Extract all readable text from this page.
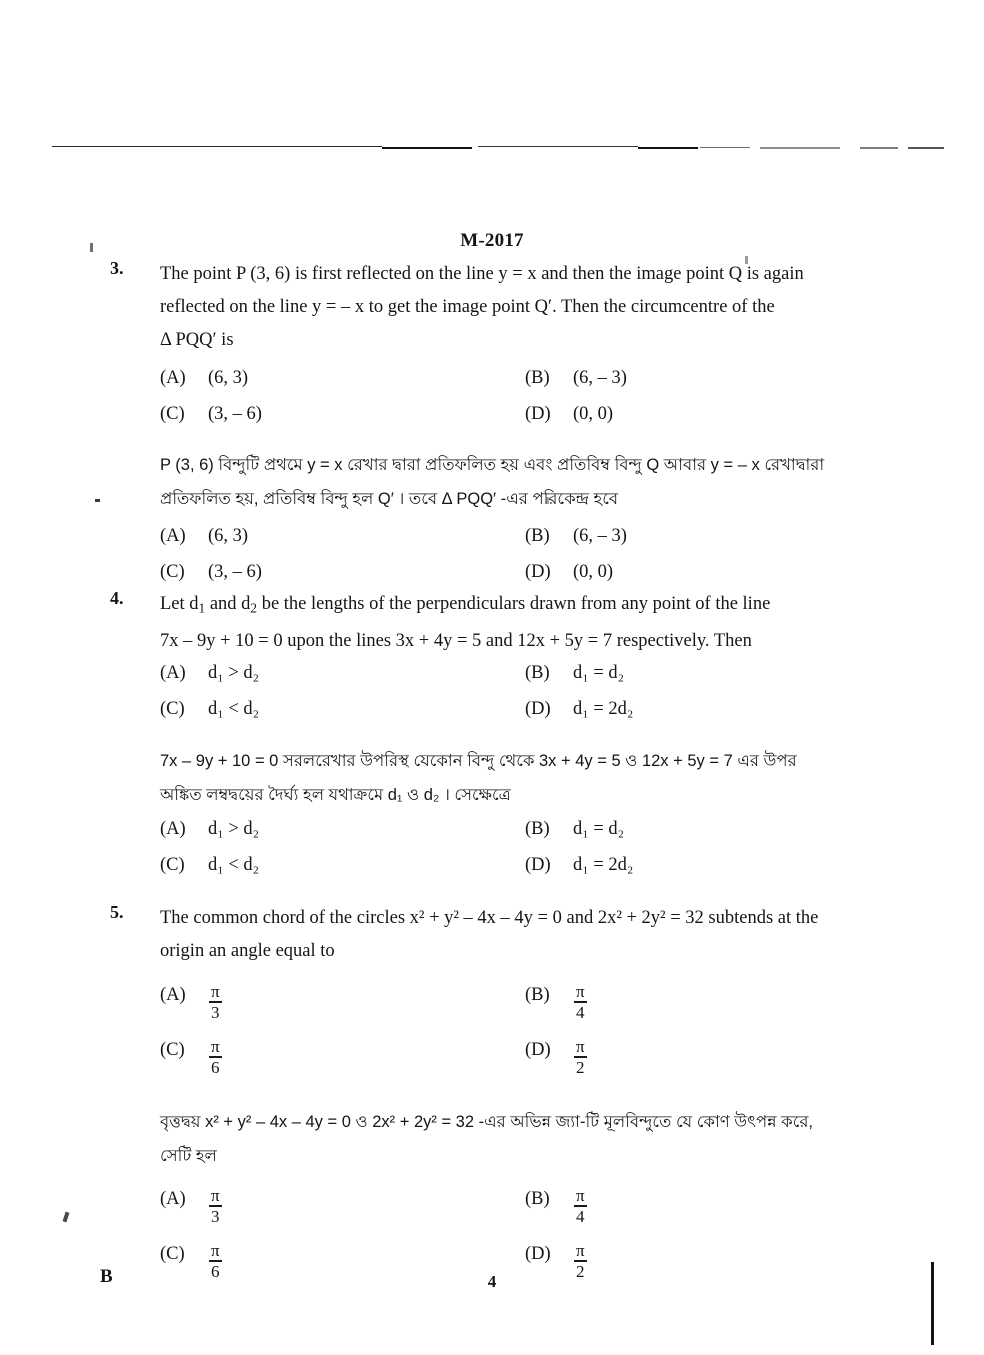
M-2017
3. The point P (3, 6) is first reflected on the line y = x and then the image point Q is again
reflected on the line y = – x to get the image point Q′. Then the circumcentre of the
Δ PQQ′ is
(A)	(6, 3)	(B)	(6, – 3)
(C)	(3, – 6)	(D)	(0, 0)
P (3, 6) বিন্দুটি প্রথমে y = x রেখার দ্বারা প্রতিফলিত হয় এবং প্রতিবিম্ব বিন্দু Q আবার y = – x রেখাদ্বারা
প্রতিফলিত হয়, প্রতিবিম্ব বিন্দু হল Q′ । তবে Δ PQQ′ -এর পরিকেন্দ্র হবে
(A)	(6, 3)	(B)	(6, – 3)
(C)	(3, – 6)	(D)	(0, 0)
4. Let $d_1$ and $d_2$ be the lengths of the perpendiculars drawn from any point of the line
7x – 9y + 10 = 0 upon the lines 3x + 4y = 5 and 12x + 5y = 7 respectively. Then
(A)	d₁ > d₂	(B)	d₁ = d₂
(C)	d₁ < d₂	(D)	d₁ = 2d₂
7x – 9y + 10 = 0 সরলরেখার উপরিস্থ যেকোন বিন্দু থেকে 3x + 4y = 5 ও 12x + 5y = 7 এর উপর
অঙ্কিত লম্বদ্বয়ের দৈর্ঘ্য হল যথাক্রমে d₁ ও d₂ । সেক্ষেত্রে
(A)	d₁ > d₂	(B)	d₁ = d₂
(C)	d₁ < d₂	(D)	d₁ = 2d₂
5. The common chord of the circles x² + y² – 4x – 4y = 0 and 2x² + 2y² = 32 subtends at the
origin an angle equal to
(A)	$\frac{\pi}{3}$	(B)	$\frac{\pi}{4}$
(C)	$\frac{\pi}{6}$	(D)	$\frac{\pi}{2}$
বৃত্তদ্বয় x² + y² – 4x – 4y = 0 ও 2x² + 2y² = 32 -এর অভিন্ন জ্যা-টি মূলবিন্দুতে যে কোণ উৎপন্ন করে,
সেটি হল
(A)	$\frac{\pi}{3}$	(B)	$\frac{\pi}{4}$
(C)	$\frac{\pi}{6}$	(D)	$\frac{\pi}{2}$
B	4
